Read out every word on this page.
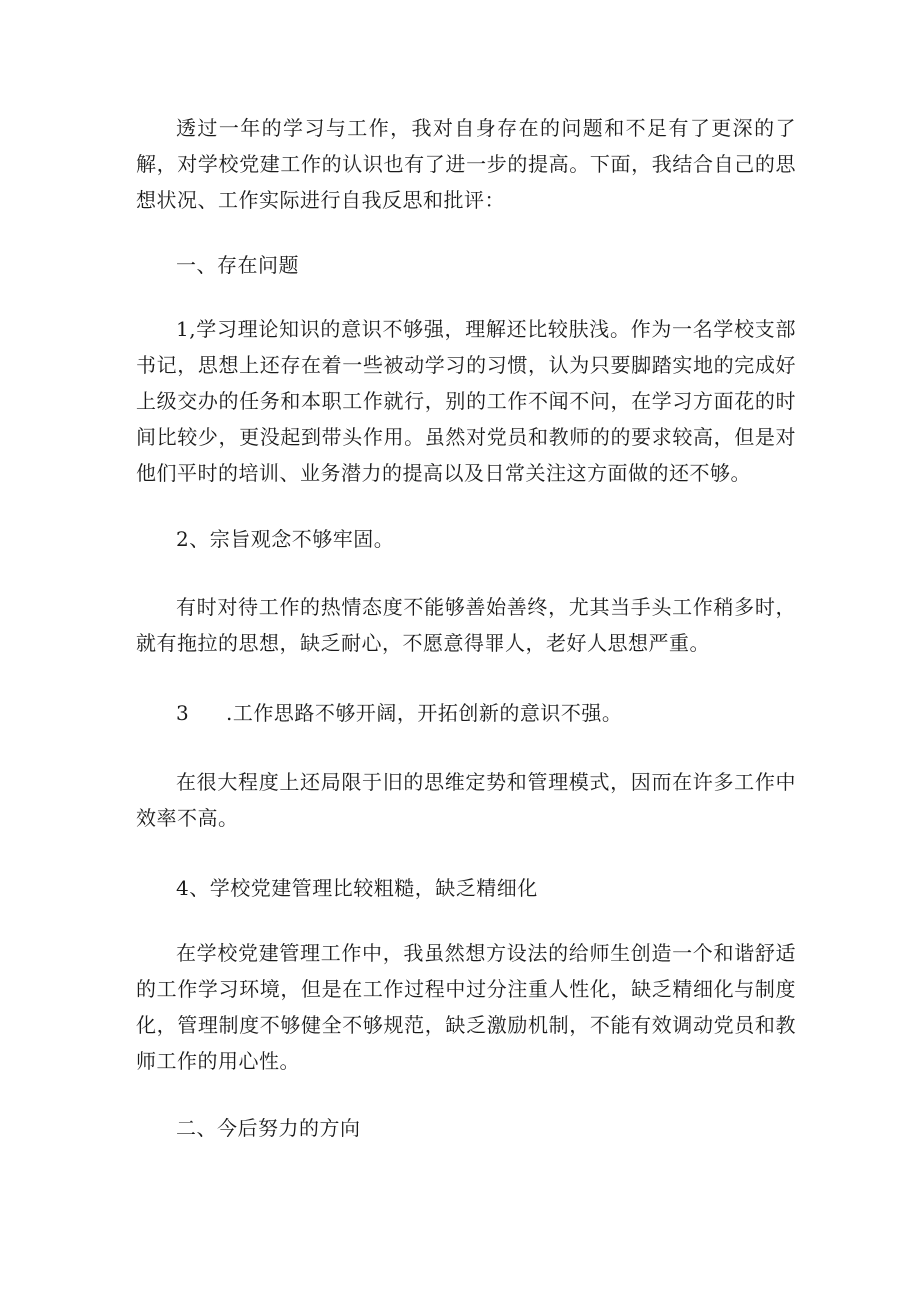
透过一年的学习与工作，我对自身存在的问题和不足有了更深的了解，对学校党建工作的认识也有了进一步的提高。下面，我结合自己的思想状况、工作实际进行自我反思和批评：

一、存在问题

1,学习理论知识的意识不够强，理解还比较肤浅。作为一名学校支部书记，思想上还存在着一些被动学习的习惯，认为只要脚踏实地的完成好上级交办的任务和本职工作就行，别的工作不闻不问，在学习方面花的时间比较少，更没起到带头作用。虽然对党员和教师的的要求较高，但是对他们平时的培训、业务潜力的提高以及日常关注这方面做的还不够。

2、宗旨观念不够牢固。

有时对待工作的热情态度不能够善始善终，尤其当手头工作稍多时，就有拖拉的思想，缺乏耐心，不愿意得罪人，老好人思想严重。

3 .工作思路不够开阔，开拓创新的意识不强。

在很大程度上还局限于旧的思维定势和管理模式，因而在许多工作中效率不高。

4、学校党建管理比较粗糙，缺乏精细化

在学校党建管理工作中，我虽然想方设法的给师生创造一个和谐舒适的工作学习环境，但是在工作过程中过分注重人性化，缺乏精细化与制度化，管理制度不够健全不够规范，缺乏激励机制，不能有效调动党员和教师工作的用心性。

二、今后努力的方向
